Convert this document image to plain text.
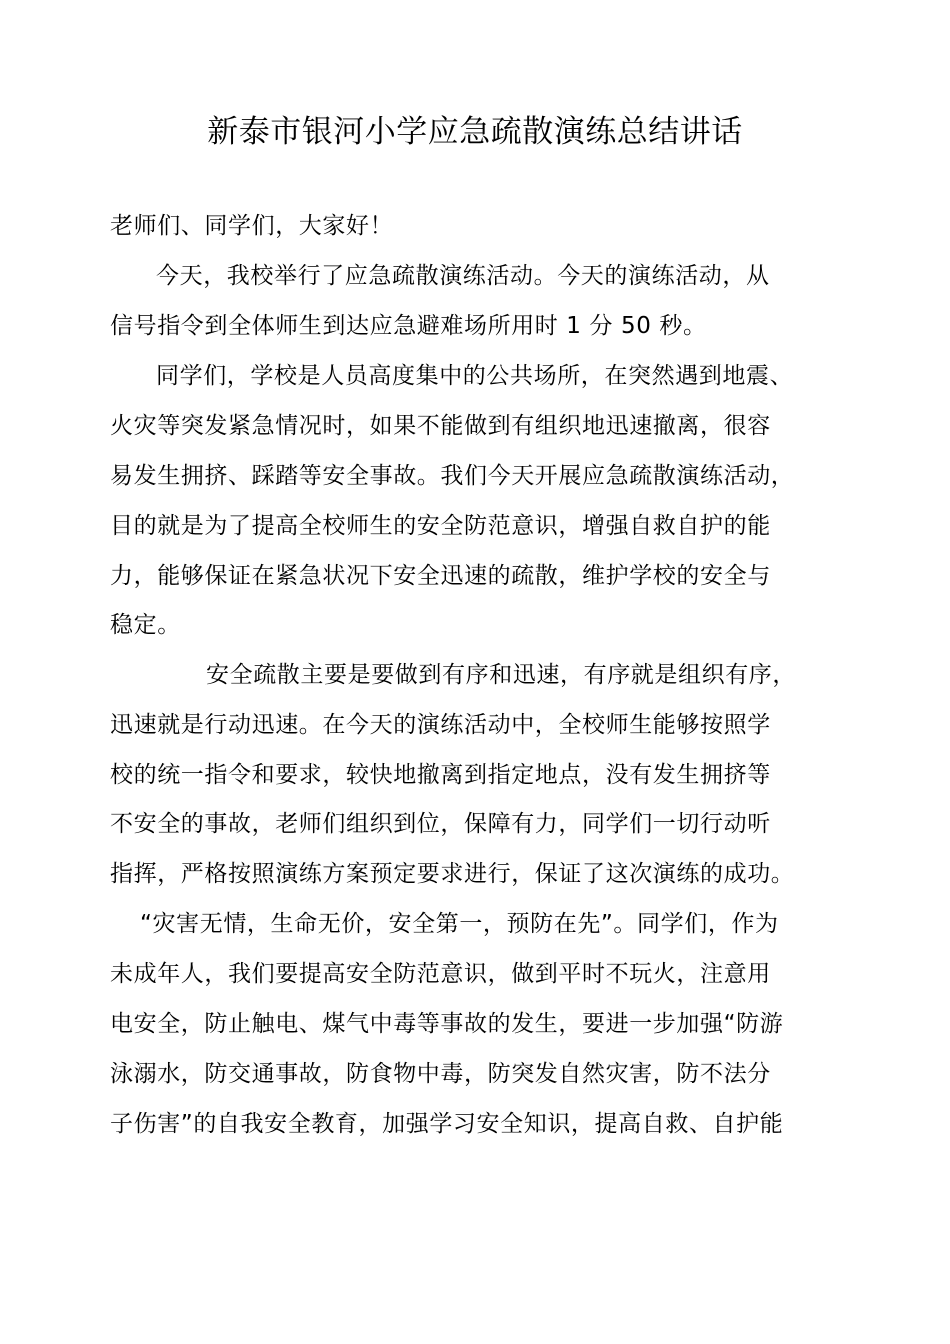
新泰市银河小学应急疏散演练总结讲话
老师们、同学们，大家好！
今天，我校举行了应急疏散演练活动。今天的演练活动，从
信号指令到全体师生到达应急避难场所用时 1 分 50 秒。
同学们，学校是人员高度集中的公共场所，在突然遇到地震、
火灾等突发紧急情况时，如果不能做到有组织地迅速撤离，很容
易发生拥挤、踩踏等安全事故。我们今天开展应急疏散演练活动，
目的就是为了提高全校师生的安全防范意识，增强自救自护的能
力，能够保证在紧急状况下安全迅速的疏散，维护学校的安全与
稳定。
安全疏散主要是要做到有序和迅速，有序就是组织有序，
迅速就是行动迅速。在今天的演练活动中，全校师生能够按照学
校的统一指令和要求，较快地撤离到指定地点，没有发生拥挤等
不安全的事故，老师们组织到位，保障有力，同学们一切行动听
指挥，严格按照演练方案预定要求进行，保证了这次演练的成功。
“灾害无情，生命无价，安全第一，预防在先”。同学们，作为
未成年人，我们要提高安全防范意识，做到平时不玩火，注意用
电安全，防止触电、煤气中毒等事故的发生，要进一步加强“防游
泳溺水，防交通事故，防食物中毒，防突发自然灾害，防不法分
子伤害”的自我安全教育，加强学习安全知识，提高自救、自护能
